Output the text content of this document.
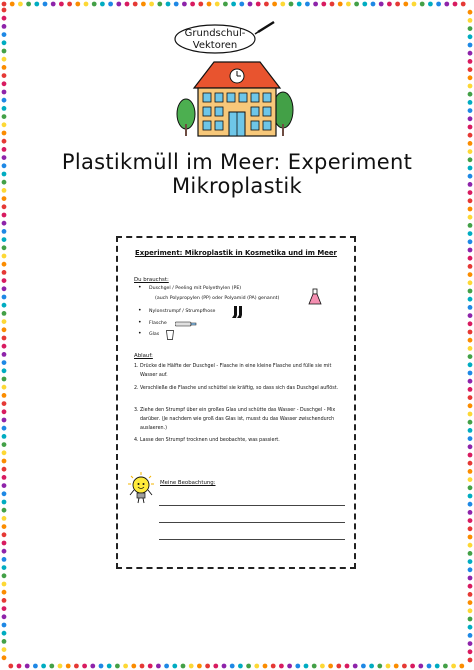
Grundschul-
Vektoren
Plastikmüll im Meer: Experiment Mikroplastik
Experiment: Mikroplastik in Kosmetika und im Meer
Du brauchst:
• Duschgel / Peeling mit Polyethylen (PE)
(auch Polypropylen (PP) oder Polyamid (PA) genannt)
• Nylonstrumpf / Strumpfhose
• Flasche
• Glas
Ablauf:
1. Drücke die Hälfte der Duschgel - Flasche in eine kleine Flasche und fülle sie mit Wasser auf.
2. Verschließe die Flasche und schüttel sie kräftig, so dass sich das Duschgel auflöst.
3. Ziehe den Strumpf über ein großes Glas und schütte das Wasser - Duschgel - Mix darüber. (Je nachdem wie groß das Glas ist, musst du das Wasser zwischendurch auslaeren.)
4. Lasse den Strumpf trocknen und beobachte, was passiert.
Meine Beobachtung:
